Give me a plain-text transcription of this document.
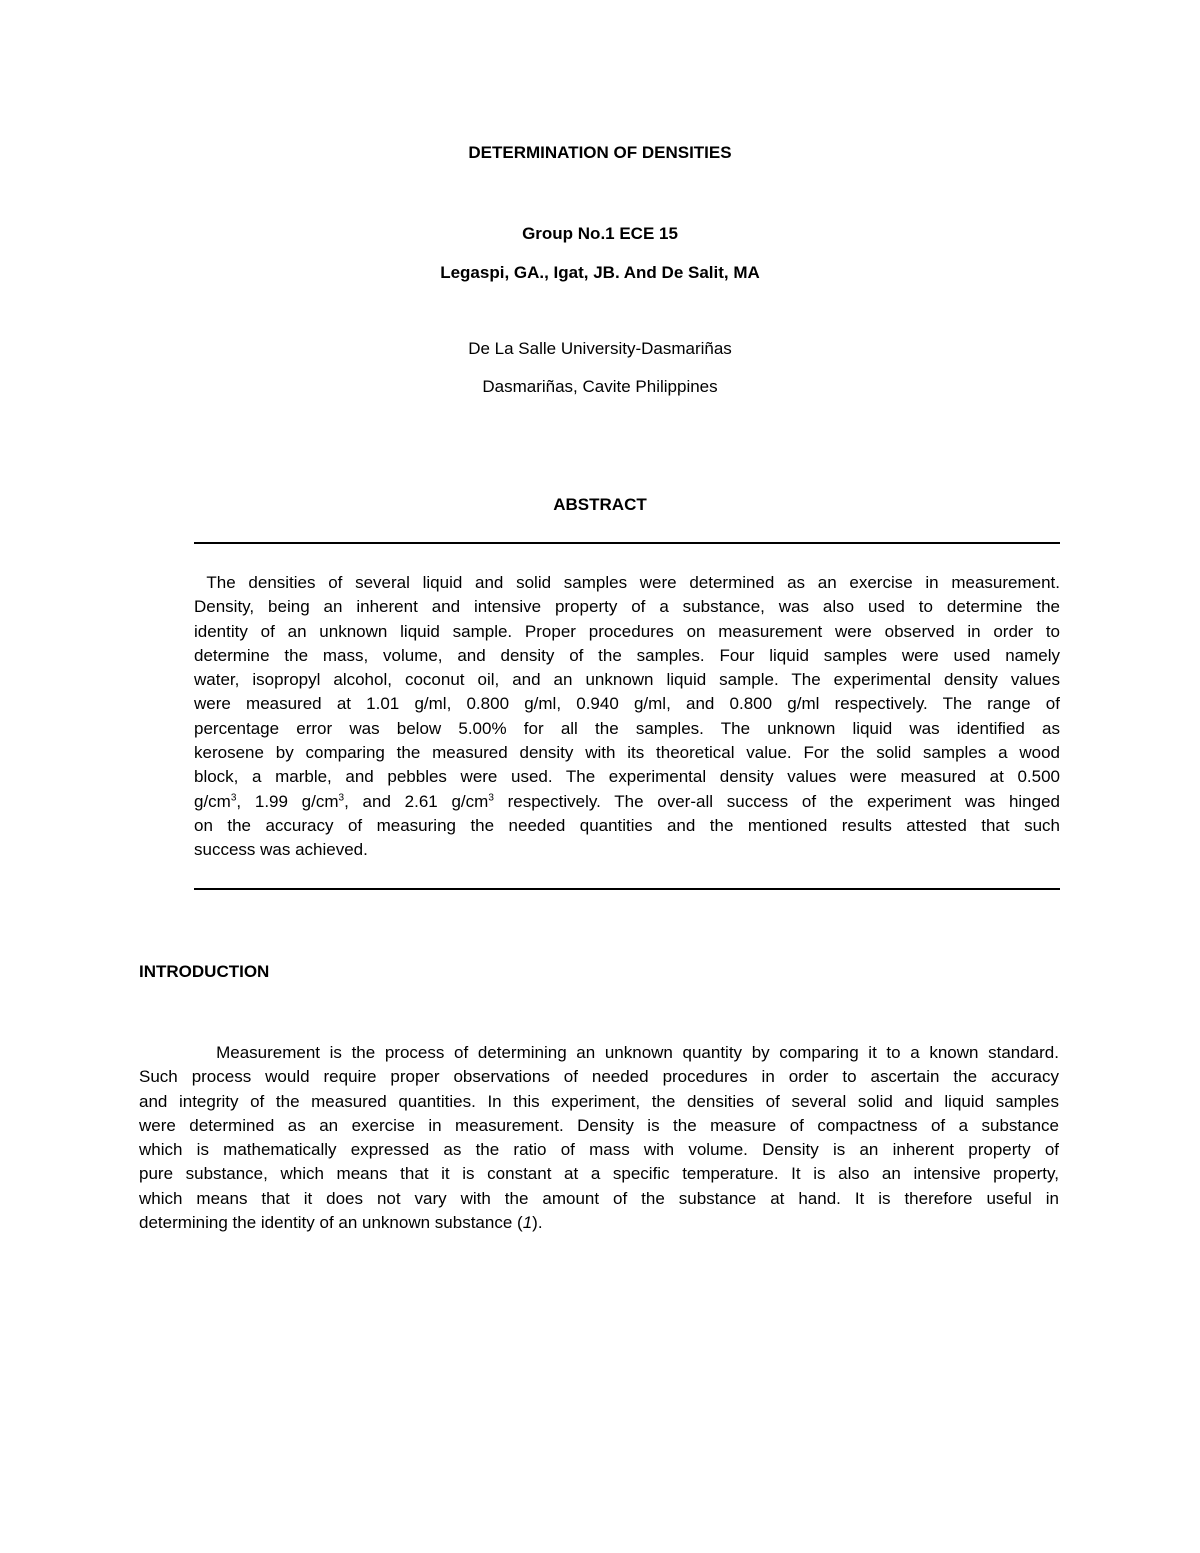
DETERMINATION OF DENSITIES
Group No.1 ECE 15
Legaspi, GA., Igat, JB. And De Salit, MA
De La Salle University-Dasmariñas
Dasmariñas, Cavite Philippines
ABSTRACT
The densities of several liquid and solid samples were determined as an exercise in measurement.
Density, being an inherent and intensive property of a substance, was also used to determine the
identity of an unknown liquid sample. Proper procedures on measurement were observed in order to
determine the mass, volume, and density of the samples. Four liquid samples were used namely
water, isopropyl alcohol, coconut oil, and an unknown liquid sample. The experimental density values
were measured at 1.01 g/ml, 0.800 g/ml, 0.940 g/ml, and 0.800 g/ml respectively. The range of
percentage error was below 5.00% for all the samples. The unknown liquid was identified as
kerosene by comparing the measured density with its theoretical value. For the solid samples a wood
block, a marble, and pebbles were used. The experimental density values were measured at 0.500
$g/cm^3$, 1.99 $g/cm^3$, and 2.61 $g/cm^3$ respectively. The over-all success of the experiment was hinged
on the accuracy of measuring the needed quantities and the mentioned results attested that such
success was achieved.
INTRODUCTION
Measurement is the process of determining an unknown quantity by comparing it to a known standard.
Such process would require proper observations of needed procedures in order to ascertain the accuracy
and integrity of the measured quantities. In this experiment, the densities of several solid and liquid samples
were determined as an exercise in measurement. Density is the measure of compactness of a substance
which is mathematically expressed as the ratio of mass with volume. Density is an inherent property of
pure substance, which means that it is constant at a specific temperature. It is also an intensive property,
which means that it does not vary with the amount of the substance at hand. It is therefore useful in
determining the identity of an unknown substance (1).
